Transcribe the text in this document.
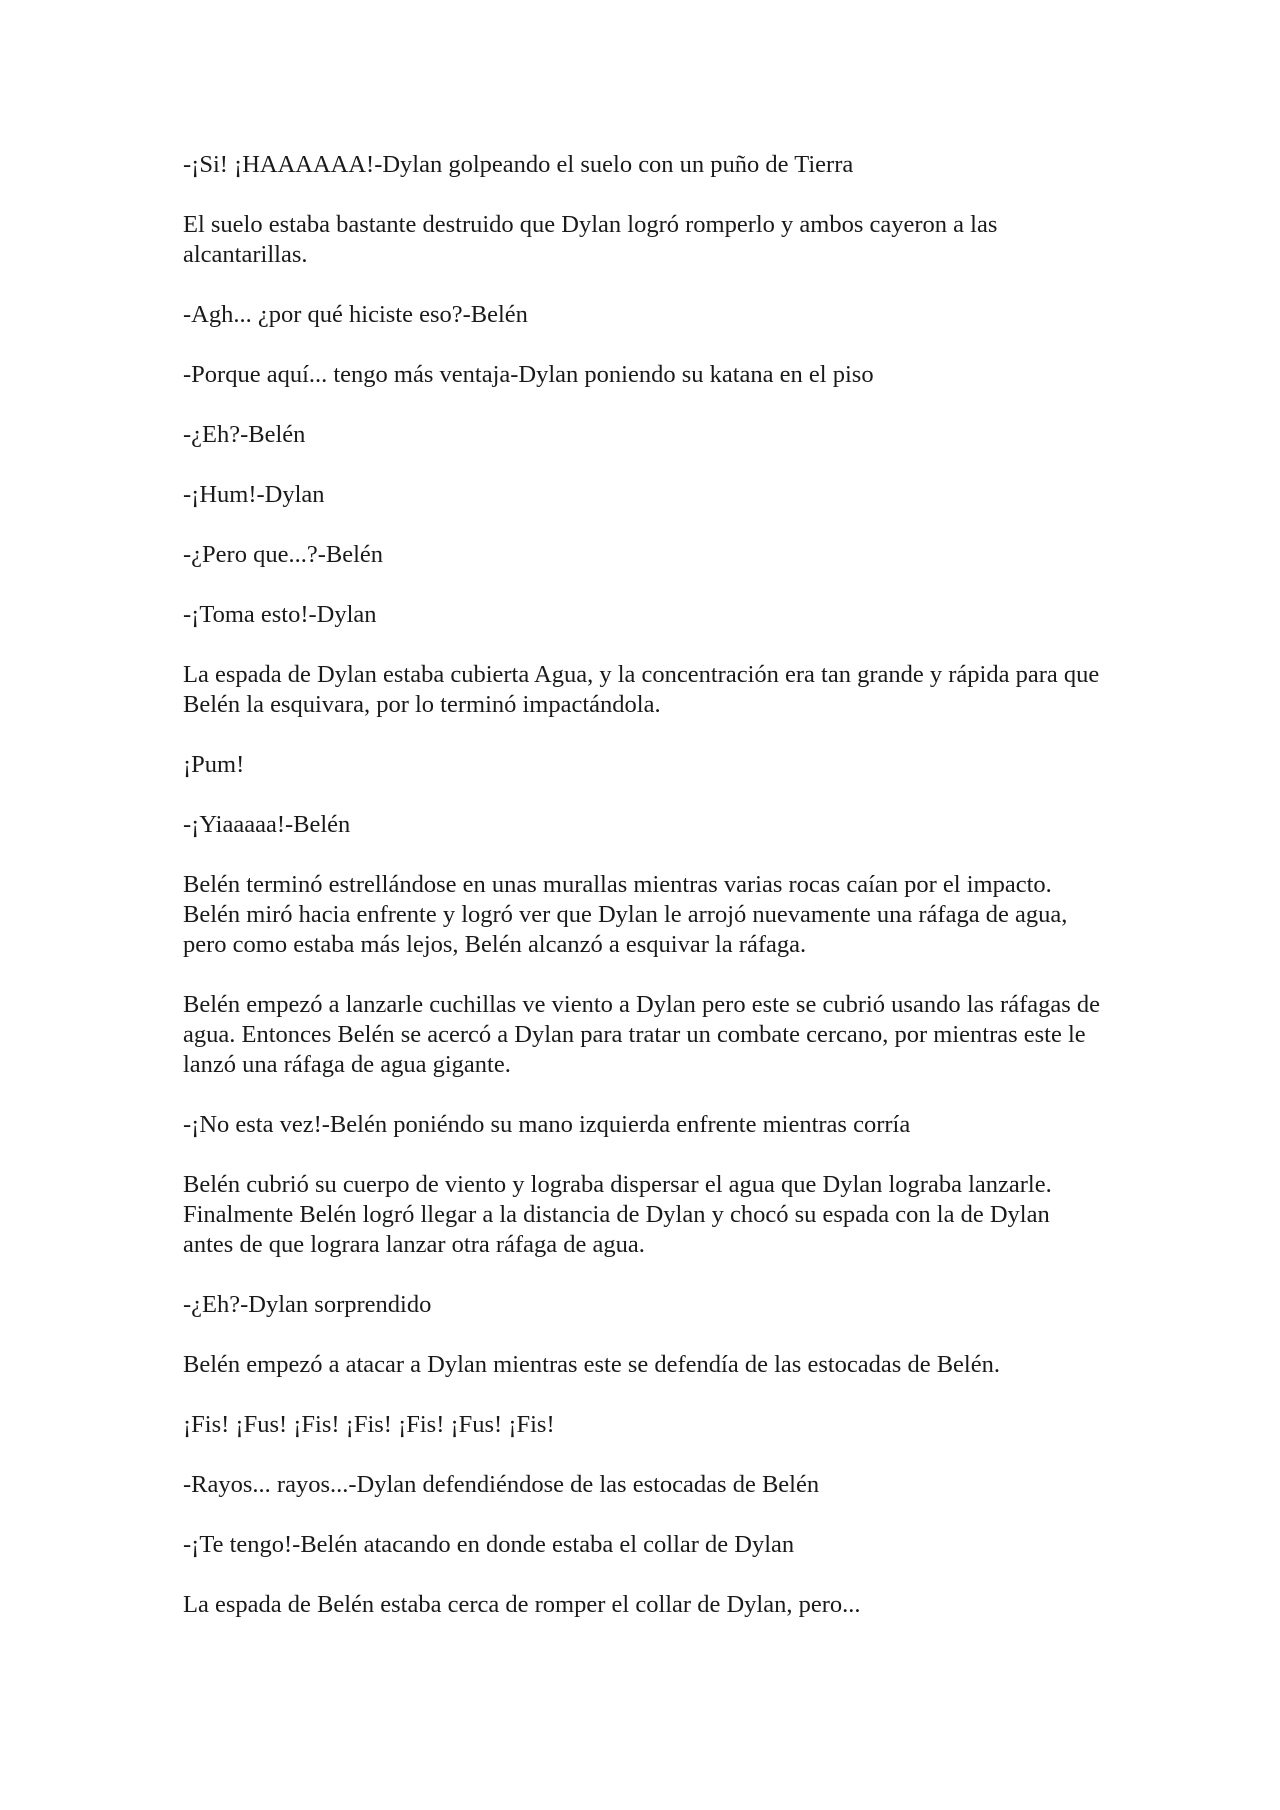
-¡Si! ¡HAAAAAA!-Dylan golpeando el suelo con un puño de Tierra

El suelo estaba bastante destruido que Dylan logró romperlo y ambos cayeron a las alcantarillas.

-Agh... ¿por qué hiciste eso?-Belén

-Porque aquí... tengo más ventaja-Dylan poniendo su katana en el piso

-¿Eh?-Belén

-¡Hum!-Dylan

-¿Pero que...?-Belén

-¡Toma esto!-Dylan

La espada de Dylan estaba cubierta Agua, y la concentración era tan grande y rápida para que Belén la esquivara, por lo terminó impactándola.

¡Pum!

-¡Yiaaaaa!-Belén

Belén terminó estrellándose en unas murallas mientras varias rocas caían por el impacto. Belén miró hacia enfrente y logró ver que Dylan le arrojó nuevamente una ráfaga de agua, pero como estaba más lejos, Belén alcanzó a esquivar la ráfaga.

Belén empezó a lanzarle cuchillas ve viento a Dylan pero este se cubrió usando las ráfagas de agua. Entonces Belén se acercó a Dylan para tratar un combate cercano, por mientras este le lanzó una ráfaga de agua gigante.

-¡No esta vez!-Belén poniéndo su mano izquierda enfrente mientras corría

Belén cubrió su cuerpo de viento y lograba dispersar el agua que Dylan lograba lanzarle. Finalmente Belén logró llegar a la distancia de Dylan y chocó su espada con la de Dylan antes de que lograra lanzar otra ráfaga de agua.

-¿Eh?-Dylan sorprendido

Belén empezó a atacar a Dylan mientras este se defendía de las estocadas de Belén.

¡Fis! ¡Fus! ¡Fis! ¡Fis! ¡Fis! ¡Fus! ¡Fis!

-Rayos... rayos...-Dylan defendiéndose de las estocadas de Belén

-¡Te tengo!-Belén atacando en donde estaba el collar de Dylan

La espada de Belén estaba cerca de romper el collar de Dylan, pero...
